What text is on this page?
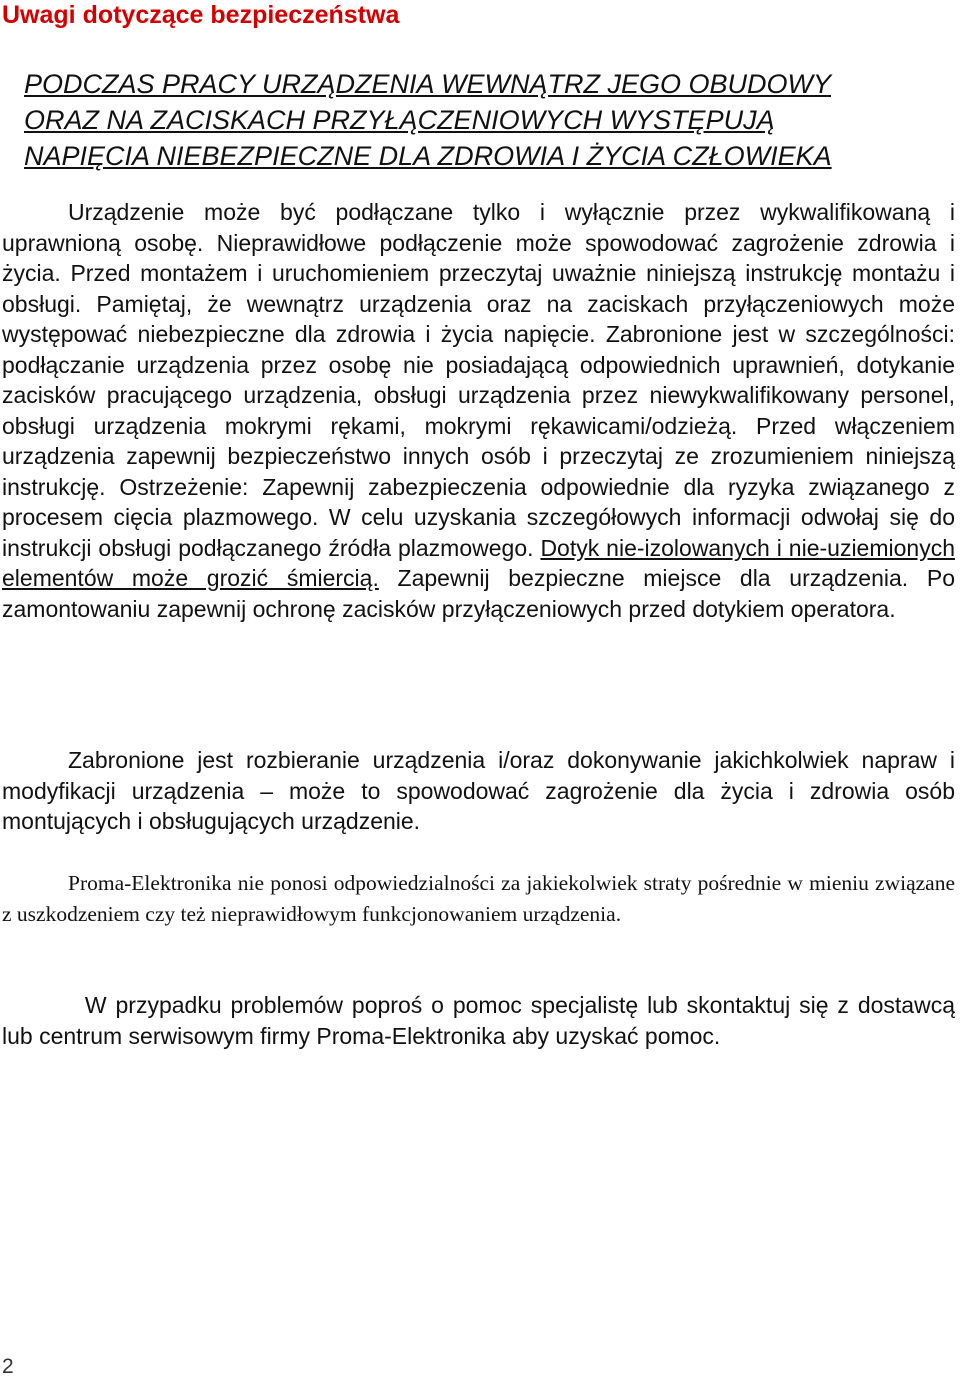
Uwagi dotyczące bezpieczeństwa
PODCZAS PRACY URZĄDZENIA WEWNĄTRZ JEGO OBUDOWY
ORAZ NA ZACISKACH PRZYŁĄCZENIOWYCH WYSTĘPUJĄ
NAPIĘCIA NIEBEZPIECZNE DLA ZDROWIA I ŻYCIA CZŁOWIEKA
Urządzenie może być podłączane tylko i wyłącznie przez wykwalifikowaną i uprawnioną osobę. Nieprawidłowe podłączenie może spowodować zagrożenie zdrowia i życia. Przed montażem i uruchomieniem przeczytaj uważnie niniejszą instrukcję montażu i obsługi. Pamiętaj, że wewnątrz urządzenia oraz na zaciskach przyłączeniowych może występować niebezpieczne dla zdrowia i życia napięcie. Zabronione jest w szczególności: podłączanie urządzenia przez osobę nie posiadającą odpowiednich uprawnień, dotykanie zacisków pracującego urządzenia, obsługi urządzenia przez niewykwalifikowany personel, obsługi urządzenia mokrymi rękami, mokrymi rękawicami/odzieżą. Przed włączeniem urządzenia zapewnij bezpieczeństwo innych osób i przeczytaj ze zrozumieniem niniejszą instrukcję. Ostrzeżenie: Zapewnij zabezpieczenia odpowiednie dla ryzyka związanego z procesem cięcia plazmowego. W celu uzyskania szczegółowych informacji odwołaj się do instrukcji obsługi podłączanego źródła plazmowego. Dotyk nie-izolowanych i nie-uziemionych elementów może grozić śmiercią. Zapewnij bezpieczne miejsce dla urządzenia. Po zamontowaniu zapewnij ochronę zacisków przyłączeniowych przed dotykiem operatora.
Zabronione jest rozbieranie urządzenia i/oraz dokonywanie jakichkolwiek napraw i modyfikacji urządzenia – może to spowodować zagrożenie dla życia i zdrowia osób montujących i obsługujących urządzenie.
Proma-Elektronika nie ponosi odpowiedzialności za jakiekolwiek straty pośrednie w mieniu związane z uszkodzeniem czy też nieprawidłowym funkcjonowaniem urządzenia.
W przypadku problemów poproś o pomoc specjalistę lub skontaktuj się z dostawcą lub centrum serwisowym firmy Proma-Elektronika aby uzyskać pomoc.
2
